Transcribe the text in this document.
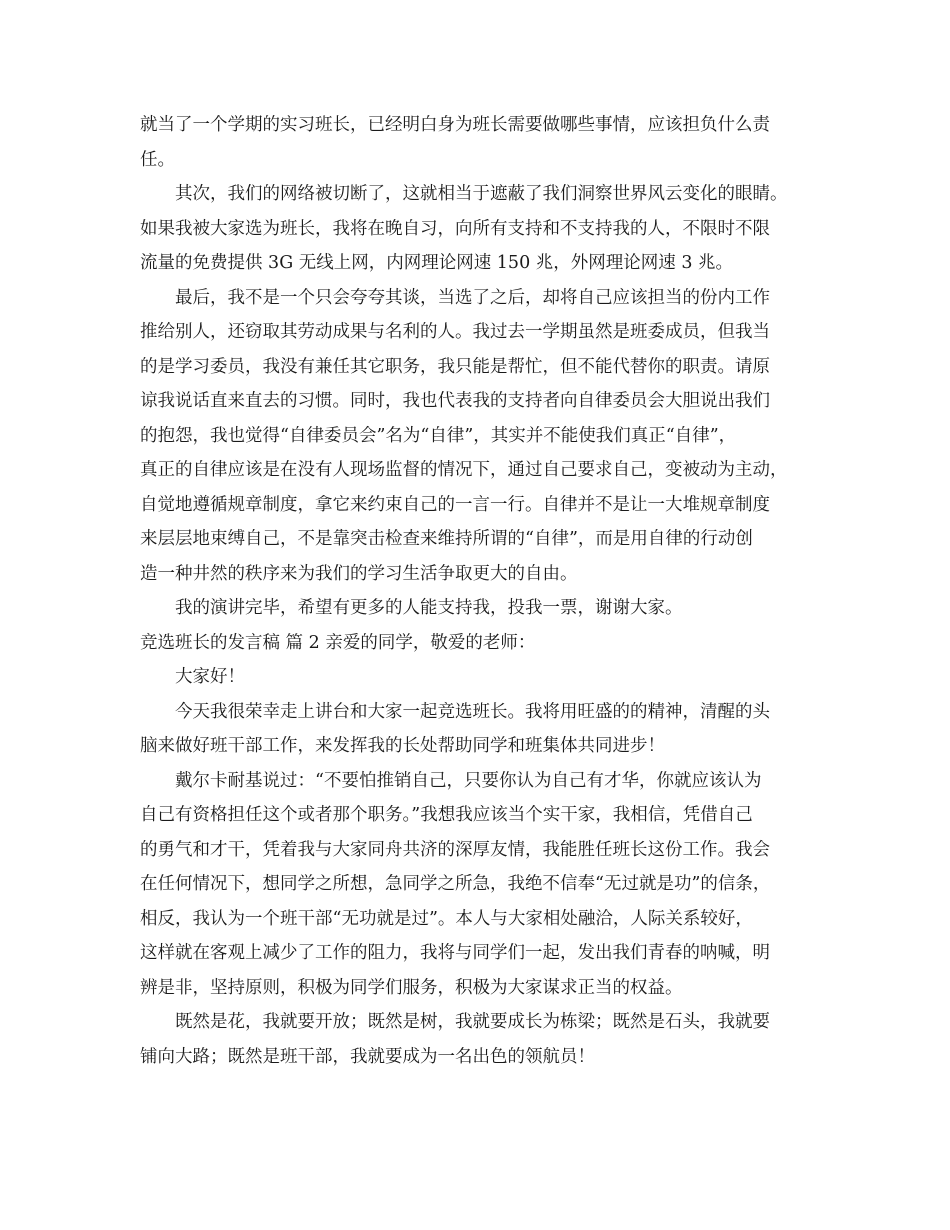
就当了一个学期的实习班长，已经明白身为班长需要做哪些事情，应该担负什么责
任。
其次，我们的网络被切断了，这就相当于遮蔽了我们洞察世界风云变化的眼睛。
如果我被大家选为班长，我将在晚自习，向所有支持和不支持我的人，不限时不限
流量的免费提供 3G 无线上网，内网理论网速 150 兆，外网理论网速 3 兆。
最后，我不是一个只会夸夸其谈，当选了之后，却将自己应该担当的份内工作
推给别人，还窃取其劳动成果与名利的人。我过去一学期虽然是班委成员，但我当
的是学习委员，我没有兼任其它职务，我只能是帮忙，但不能代替你的职责。请原
谅我说话直来直去的习惯。同时，我也代表我的支持者向自律委员会大胆说出我们
的抱怨，我也觉得“自律委员会”名为“自律”，其实并不能使我们真正“自律”，
真正的自律应该是在没有人现场监督的情况下，通过自己要求自己，变被动为主动，
自觉地遵循规章制度，拿它来约束自己的一言一行。自律并不是让一大堆规章制度
来层层地束缚自己，不是靠突击检查来维持所谓的“自律”，而是用自律的行动创
造一种井然的秩序来为我们的学习生活争取更大的自由。
我的演讲完毕，希望有更多的人能支持我，投我一票，谢谢大家。
竞选班长的发言稿 篇 2 亲爱的同学，敬爱的老师：
大家好！
今天我很荣幸走上讲台和大家一起竞选班长。我将用旺盛的的精神，清醒的头
脑来做好班干部工作，来发挥我的长处帮助同学和班集体共同进步！
戴尔卡耐基说过：“不要怕推销自己，只要你认为自己有才华，你就应该认为
自己有资格担任这个或者那个职务。”我想我应该当个实干家，我相信，凭借自己
的勇气和才干，凭着我与大家同舟共济的深厚友情，我能胜任班长这份工作。我会
在任何情况下，想同学之所想，急同学之所急，我绝不信奉“无过就是功”的信条，
相反，我认为一个班干部“无功就是过”。本人与大家相处融洽，人际关系较好，
这样就在客观上减少了工作的阻力，我将与同学们一起，发出我们青春的呐喊，明
辨是非，坚持原则，积极为同学们服务，积极为大家谋求正当的权益。
既然是花，我就要开放；既然是树，我就要成长为栋梁；既然是石头，我就要
铺向大路；既然是班干部，我就要成为一名出色的领航员！
